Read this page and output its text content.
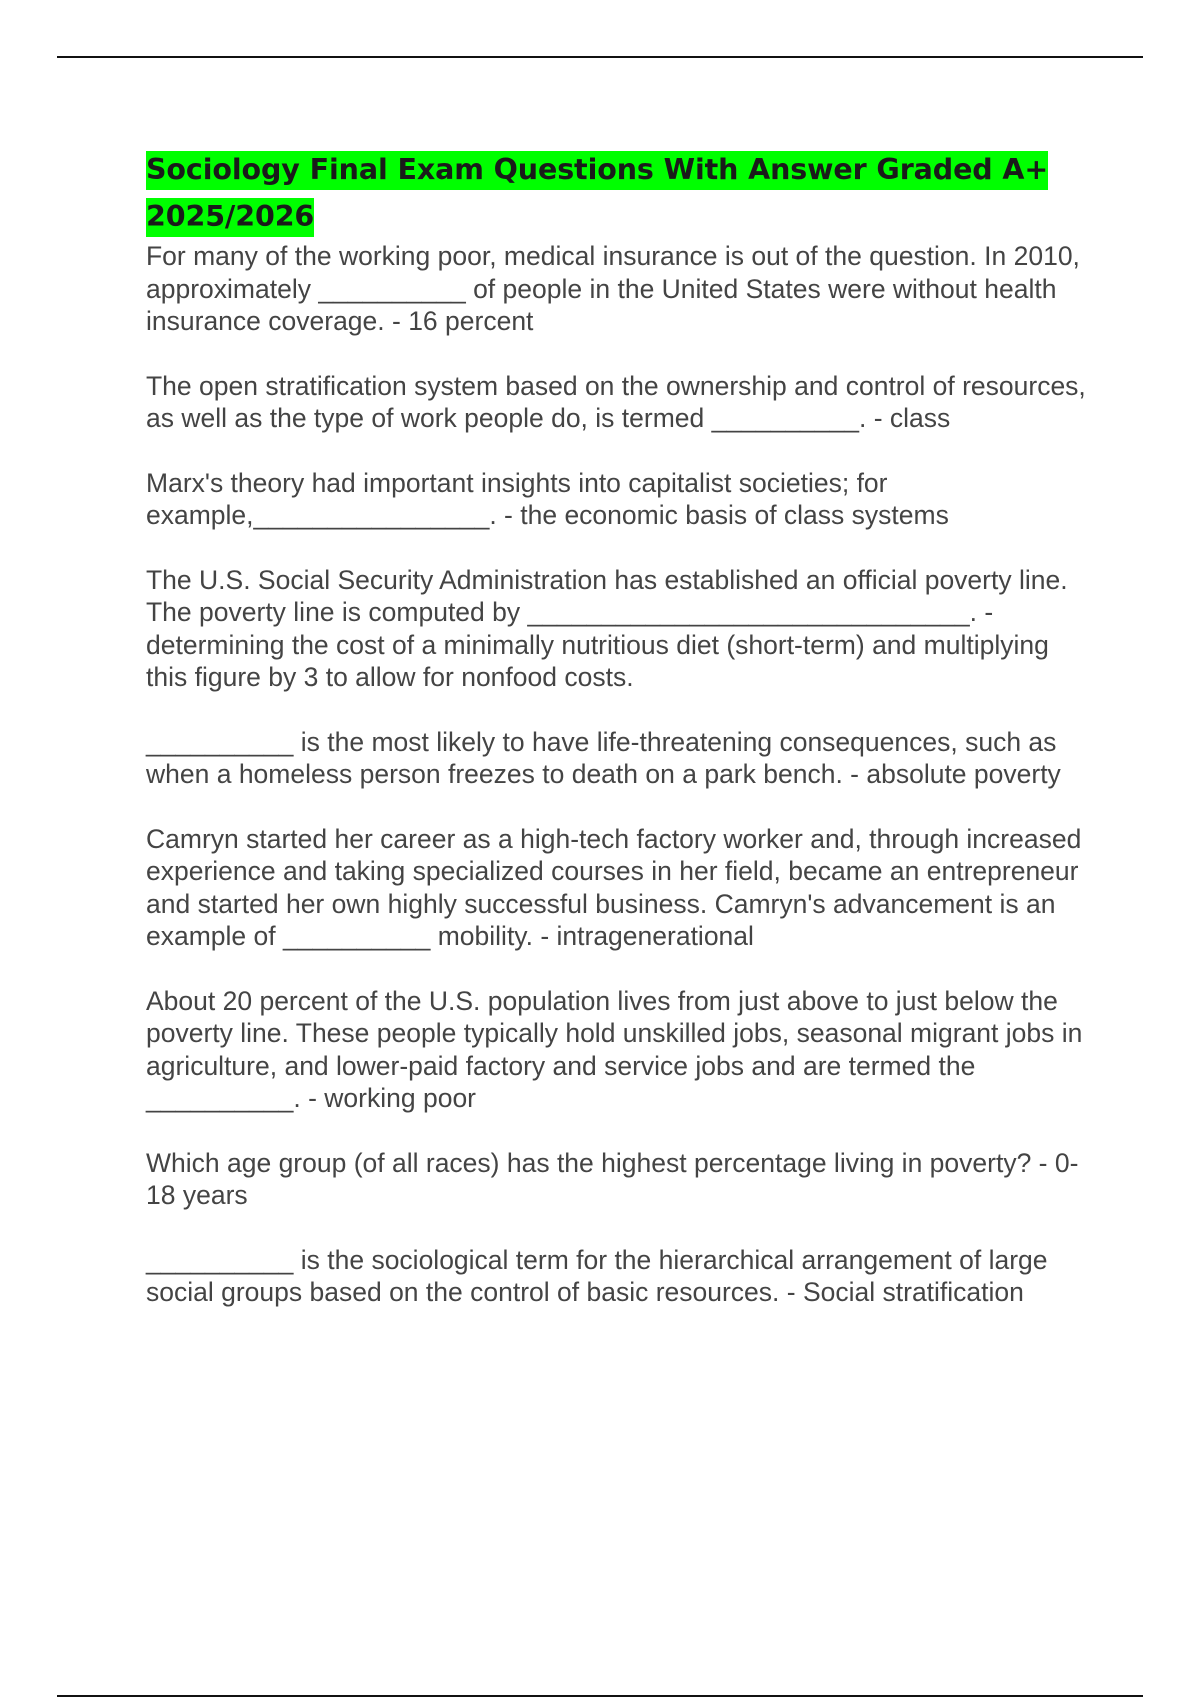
Sociology Final Exam Questions With Answer Graded A+ 2025/2026

For many of the working poor, medical insurance is out of the question. In 2010, approximately __________ of people in the United States were without health insurance coverage. - 16 percent

The open stratification system based on the ownership and control of resources, as well as the type of work people do, is termed __________. - class

Marx's theory had important insights into capitalist societies; for example,________________. - the economic basis of class systems

The U.S. Social Security Administration has established an official poverty line. The poverty line is computed by ______________________________. - determining the cost of a minimally nutritious diet (short-term) and multiplying this figure by 3 to allow for nonfood costs.

__________ is the most likely to have life-threatening consequences, such as when a homeless person freezes to death on a park bench. - absolute poverty

Camryn started her career as a high-tech factory worker and, through increased experience and taking specialized courses in her field, became an entrepreneur and started her own highly successful business. Camryn's advancement is an example of __________ mobility. - intragenerational

About 20 percent of the U.S. population lives from just above to just below the poverty line. These people typically hold unskilled jobs, seasonal migrant jobs in agriculture, and lower-paid factory and service jobs and are termed the __________. - working poor

Which age group (of all races) has the highest percentage living in poverty? - 0-18 years

__________ is the sociological term for the hierarchical arrangement of large social groups based on the control of basic resources. - Social stratification
